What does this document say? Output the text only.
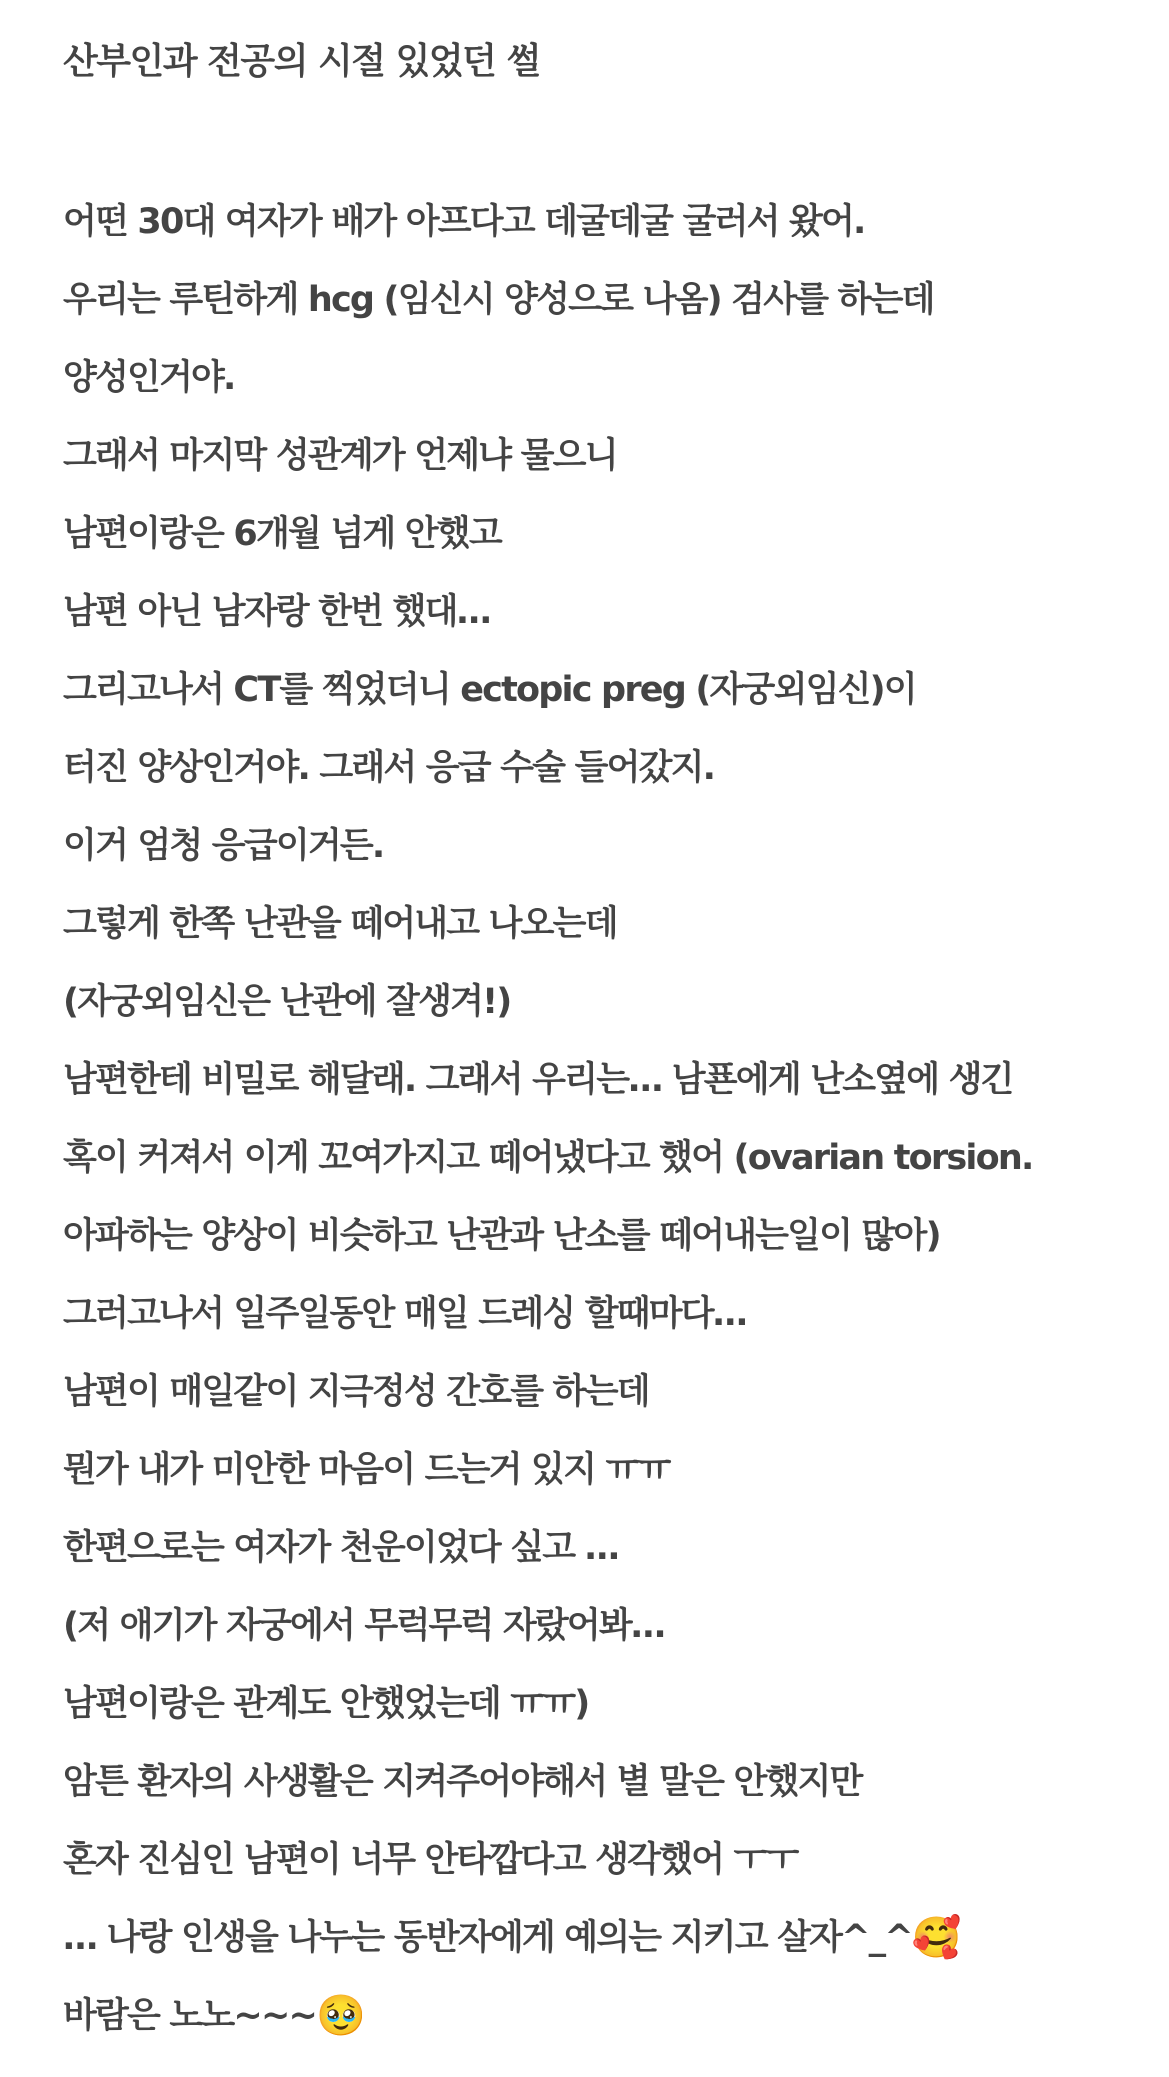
산부인과 전공의 시절 있었던 썰
어떤 30대 여자가 배가 아프다고 데굴데굴 굴러서 왔어.
우리는 루틴하게 hcg (임신시 양성으로 나옴) 검사를 하는데
양성인거야.
그래서 마지막 성관계가 언제냐 물으니
남편이랑은 6개월 넘게 안했고
남편 아닌 남자랑 한번 했대…
그리고나서 CT를 찍었더니 ectopic preg (자궁외임신)이
터진 양상인거야. 그래서 응급 수술 들어갔지.
이거 엄청 응급이거든.
그렇게 한쪽 난관을 떼어내고 나오는데
(자궁외임신은 난관에 잘생겨!)
남편한테 비밀로 해달래. 그래서 우리는… 남푠에게 난소옆에 생긴
혹이 커져서 이게 꼬여가지고 떼어냈다고 했어 (ovarian torsion.
아파하는 양상이 비슷하고 난관과 난소를 떼어내는일이 많아)
그러고나서 일주일동안 매일 드레싱 할때마다…
남편이 매일같이 지극정성 간호를 하는데
뭔가 내가 미안한 마음이 드는거 있지 ㅠㅠ
한편으로는 여자가 천운이었다 싶고 …
(저 애기가 자궁에서 무럭무럭 자랐어봐…
남편이랑은 관계도 안했었는데 ㅠㅠ)
암튼 환자의 사생활은 지켜주어야해서 별 말은 안했지만
혼자 진심인 남편이 너무 안타깝다고 생각했어 ㅜㅜ
… 나랑 인생을 나누는 동반자에게 예의는 지키고 살자^_^🥰
바람은 노노~~~🥹
